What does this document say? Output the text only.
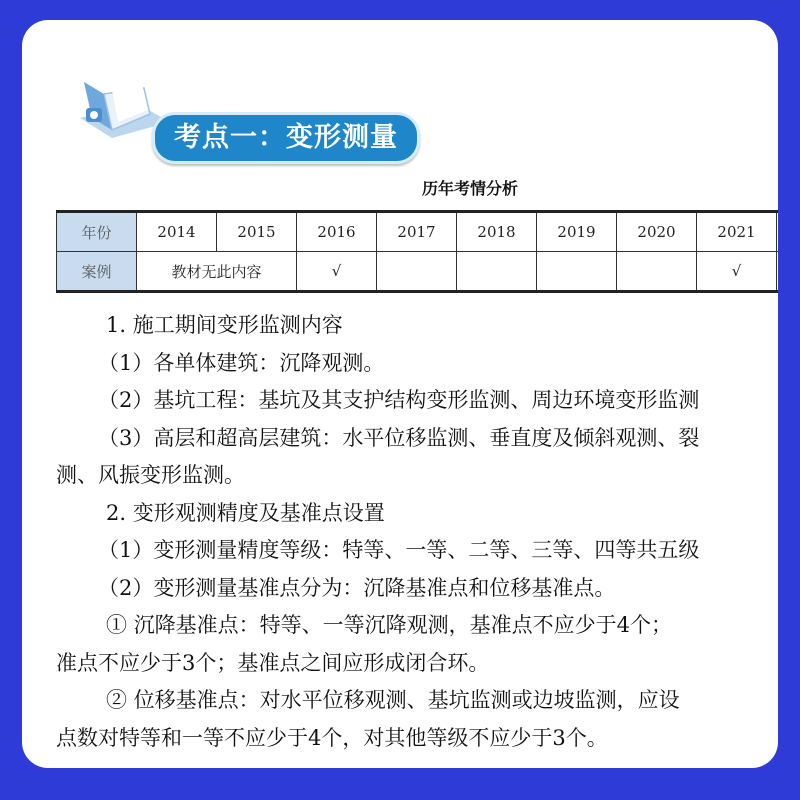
考点一：变形测量
历年考情分析
年份	2014	2015	2016	2017	2018	2019	2020	2021	
案例	教材无此内容		√					√	
1. 施工期间变形监测内容
（1）各单体建筑：沉降观测。
（2）基坑工程：基坑及其支护结构变形监测、周边环境变形监测
（3）高层和超高层建筑：水平位移监测、垂直度及倾斜观测、裂
测、风振变形监测。
2. 变形观测精度及基准点设置
（1）变形测量精度等级：特等、一等、二等、三等、四等共五级
（2）变形测量基准点分为：沉降基准点和位移基准点。
① 沉降基准点：特等、一等沉降观测，基准点不应少于4个；
准点不应少于3个；基准点之间应形成闭合环。
② 位移基准点：对水平位移观测、基坑监测或边坡监测，应设
点数对特等和一等不应少于4个，对其他等级不应少于3个。
